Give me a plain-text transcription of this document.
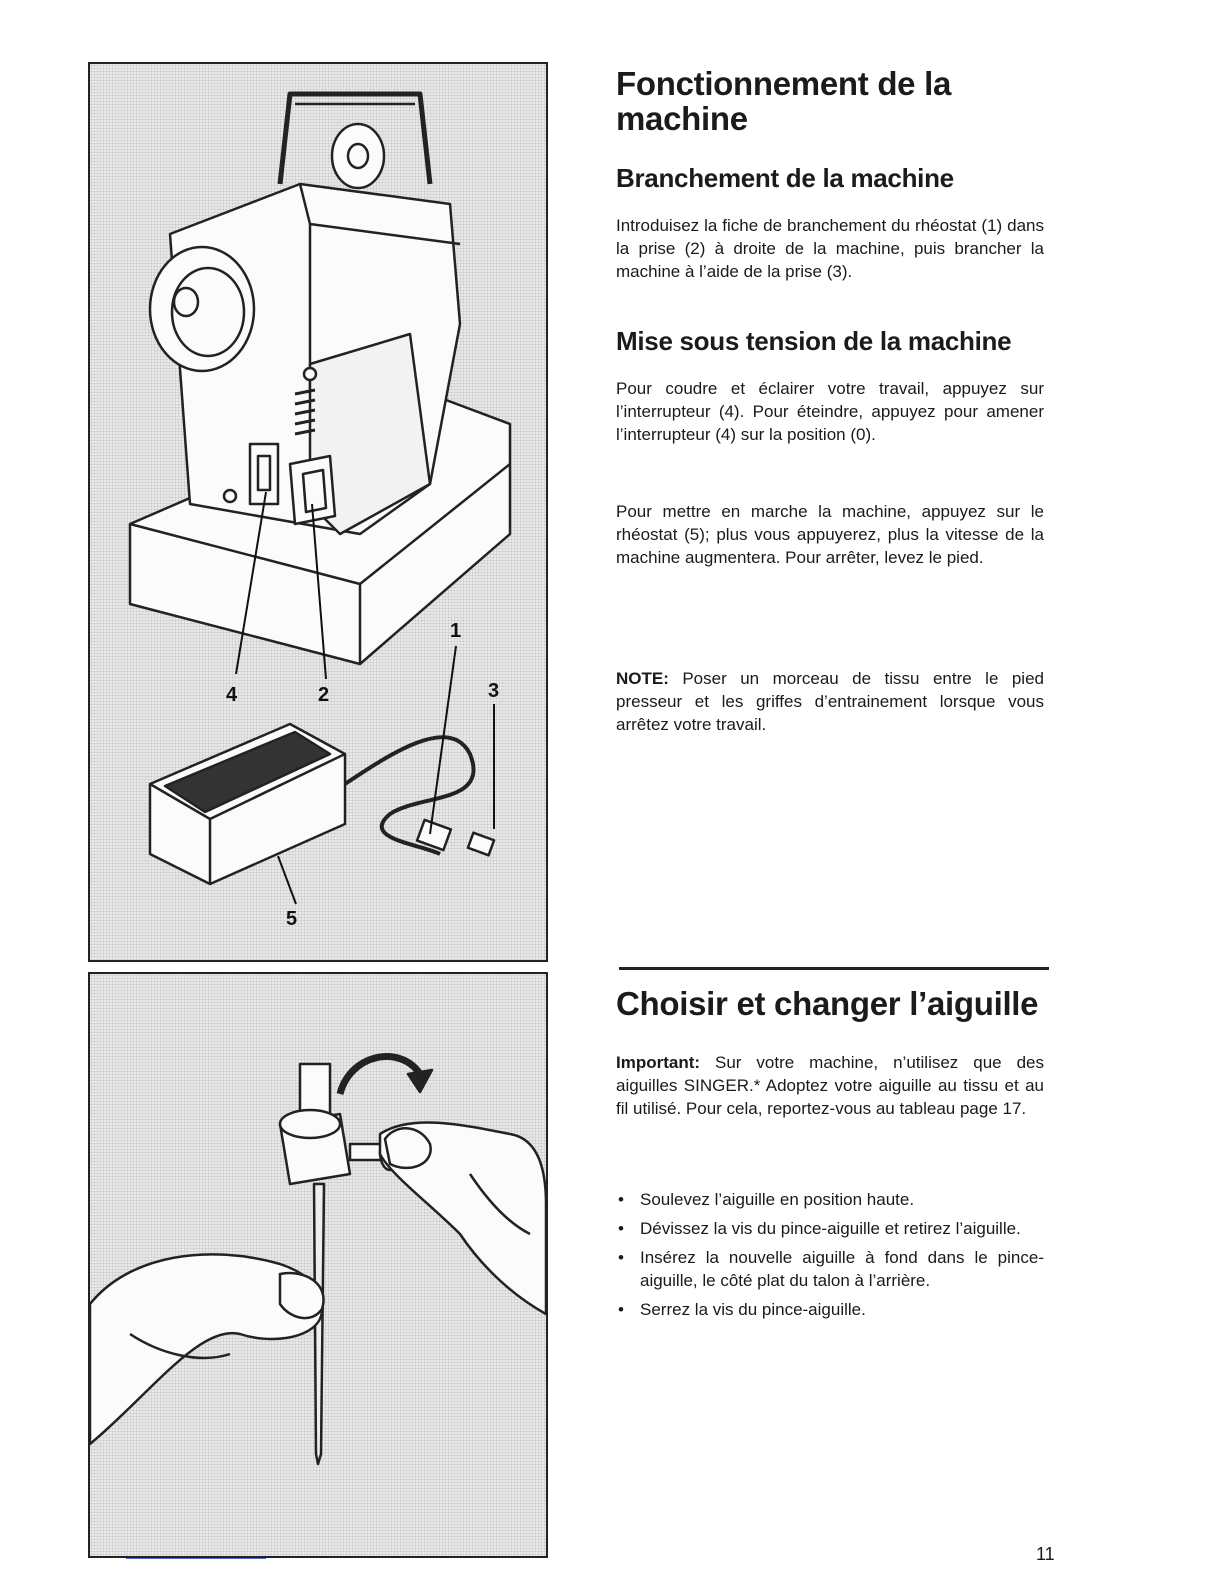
4	2
1
3
5
Fonctionnement de la machine
Branchement de la machine

Introduisez la fiche de branchement du rhéostat (1) dans la prise (2) à droite de la machine, puis brancher la machine à l’aide de la prise (3).

Mise sous tension de la machine

Pour coudre et éclairer votre travail, appuyez sur l’interrupteur (4). Pour éteindre, appuyez pour amener l’interrupteur (4) sur la position (0).

Pour mettre en marche la machine, appuyez sur le rhéostat (5); plus vous appuyerez, plus la vitesse de la machine augmentera. Pour arrêter, levez le pied.

NOTE: Poser un morceau de tissu entre le pied presseur et les griffes d’entrainement lorsque vous arrêtez votre travail.

Choisir et changer l’aiguille

Important: Sur votre machine, n’utilisez que des aiguilles SINGER.* Adoptez votre aiguille au tissu et au fil utilisé. Pour cela, reportez-vous au tableau page 17.

• Soulevez l’aiguille en position haute.
• Dévissez la vis du pince-aiguille et retirez l’aiguille.
• Insérez la nouvelle aiguille à fond dans le pince-aiguille, le côté plat du talon à l’arrière.
• Serrez la vis du pince-aiguille.
11
